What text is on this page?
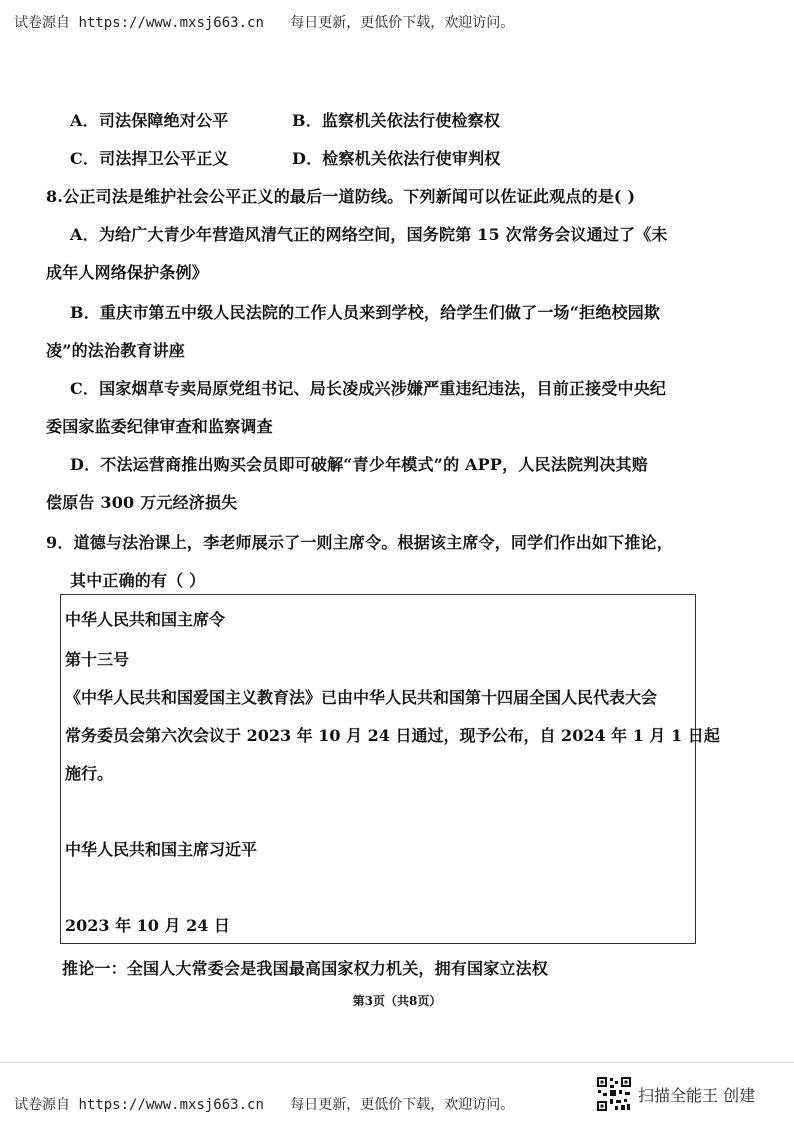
试卷源自 https://www.mxsj663.cn 每日更新，更低价下载，欢迎访问。
A．司法保障绝对公平	B．监察机关依法行使检察权
C．司法捍卫公平正义	D．检察机关依法行使审判权
8.公正司法是维护社会公平正义的最后一道防线。下列新闻可以佐证此观点的是( )
A．为给广大青少年营造风清气正的网络空间，国务院第 15 次常务会议通过了《未
成年人网络保护条例》
B．重庆市第五中级人民法院的工作人员来到学校，给学生们做了一场“拒绝校园欺
凌”的法治教育讲座
C．国家烟草专卖局原党组书记、局长凌成兴涉嫌严重违纪违法，目前正接受中央纪
委国家监委纪律审查和监察调查
D．不法运营商推出购买会员即可破解“青少年模式”的 APP，人民法院判决其赔
偿原告 300 万元经济损失
9．道德与法治课上，李老师展示了一则主席令。根据该主席令，同学们作出如下推论，
其中正确的有（ ）
中华人民共和国主席令
第十三号
《中华人民共和国爱国主义教育法》已由中华人民共和国第十四届全国人民代表大会
常务委员会第六次会议于 2023 年 10 月 24 日通过，现予公布，自 2024 年 1 月 1 日起
施行。
中华人民共和国主席习近平
2023 年 10 月 24 日
推论一：全国人大常委会是我国最高国家权力机关，拥有国家立法权
第3页（共8页）
试卷源自 https://www.mxsj663.cn 每日更新，更低价下载，欢迎访问。
扫描全能王 创建
